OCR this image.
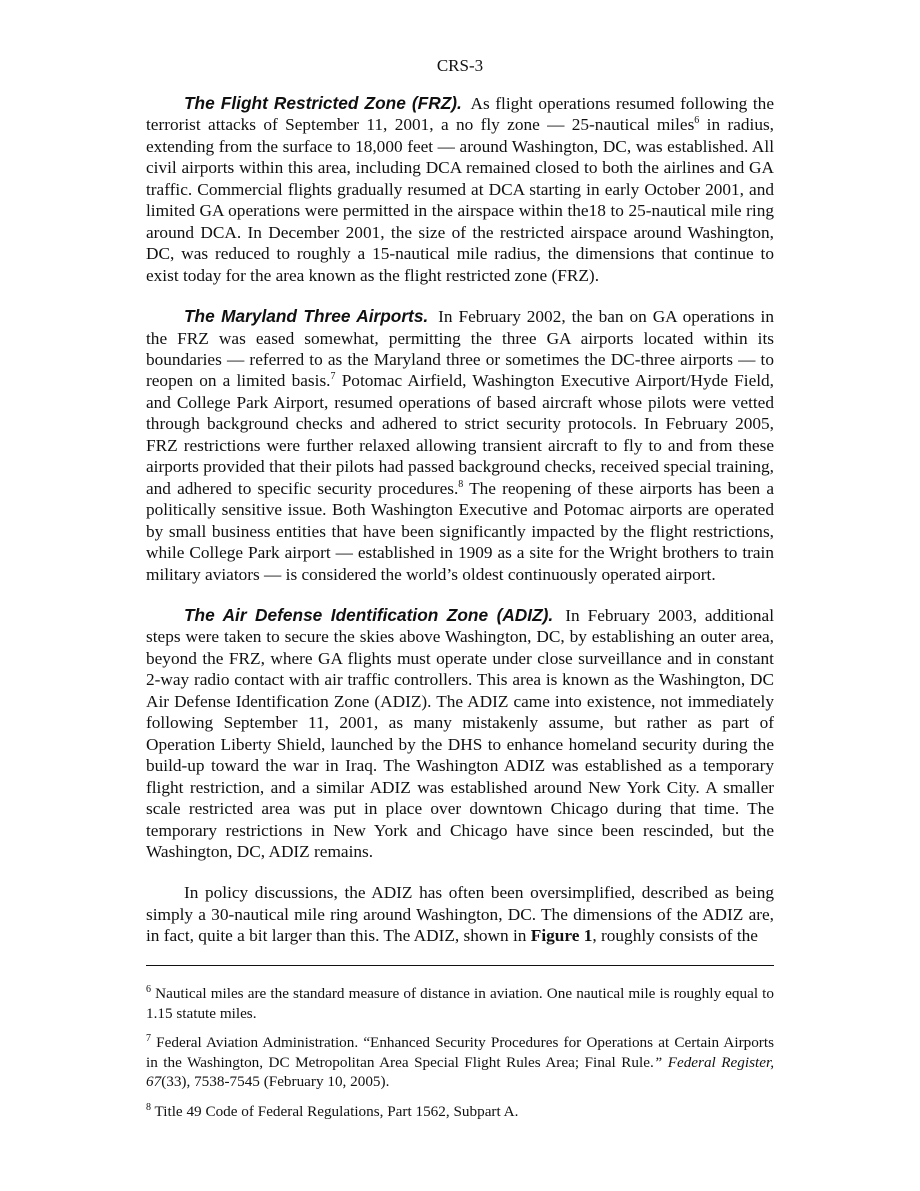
CRS-3

The Flight Restricted Zone (FRZ). As flight operations resumed following the terrorist attacks of September 11, 2001, a no fly zone — 25-nautical miles$^6$ in radius, extending from the surface to 18,000 feet — around Washington, DC, was established. All civil airports within this area, including DCA remained closed to both the airlines and GA traffic. Commercial flights gradually resumed at DCA starting in early October 2001, and limited GA operations were permitted in the airspace within the18 to 25-nautical mile ring around DCA. In December 2001, the size of the restricted airspace around Washington, DC, was reduced to roughly a 15-nautical mile radius, the dimensions that continue to exist today for the area known as the flight restricted zone (FRZ).

The Maryland Three Airports. In February 2002, the ban on GA operations in the FRZ was eased somewhat, permitting the three GA airports located within its boundaries — referred to as the Maryland three or sometimes the DC-three airports — to reopen on a limited basis.$^7$ Potomac Airfield, Washington Executive Airport/Hyde Field, and College Park Airport, resumed operations of based aircraft whose pilots were vetted through background checks and adhered to strict security protocols. In February 2005, FRZ restrictions were further relaxed allowing transient aircraft to fly to and from these airports provided that their pilots had passed background checks, received special training, and adhered to specific security procedures.$^8$ The reopening of these airports has been a politically sensitive issue. Both Washington Executive and Potomac airports are operated by small business entities that have been significantly impacted by the flight restrictions, while College Park airport — established in 1909 as a site for the Wright brothers to train military aviators — is considered the world’s oldest continuously operated airport.

The Air Defense Identification Zone (ADIZ). In February 2003, additional steps were taken to secure the skies above Washington, DC, by establishing an outer area, beyond the FRZ, where GA flights must operate under close surveillance and in constant 2-way radio contact with air traffic controllers. This area is known as the Washington, DC Air Defense Identification Zone (ADIZ). The ADIZ came into existence, not immediately following September 11, 2001, as many mistakenly assume, but rather as part of Operation Liberty Shield, launched by the DHS to enhance homeland security during the build-up toward the war in Iraq. The Washington ADIZ was established as a temporary flight restriction, and a similar ADIZ was established around New York City. A smaller scale restricted area was put in place over downtown Chicago during that time. The temporary restrictions in New York and Chicago have since been rescinded, but the Washington, DC, ADIZ remains.

In policy discussions, the ADIZ has often been oversimplified, described as being simply a 30-nautical mile ring around Washington, DC. The dimensions of the ADIZ are, in fact, quite a bit larger than this. The ADIZ, shown in Figure 1, roughly consists of the

$^6$ Nautical miles are the standard measure of distance in aviation. One nautical mile is roughly equal to 1.15 statute miles.

$^7$ Federal Aviation Administration. “Enhanced Security Procedures for Operations at Certain Airports in the Washington, DC Metropolitan Area Special Flight Rules Area; Final Rule.” Federal Register, 67(33), 7538-7545 (February 10, 2005).

$^8$ Title 49 Code of Federal Regulations, Part 1562, Subpart A.
